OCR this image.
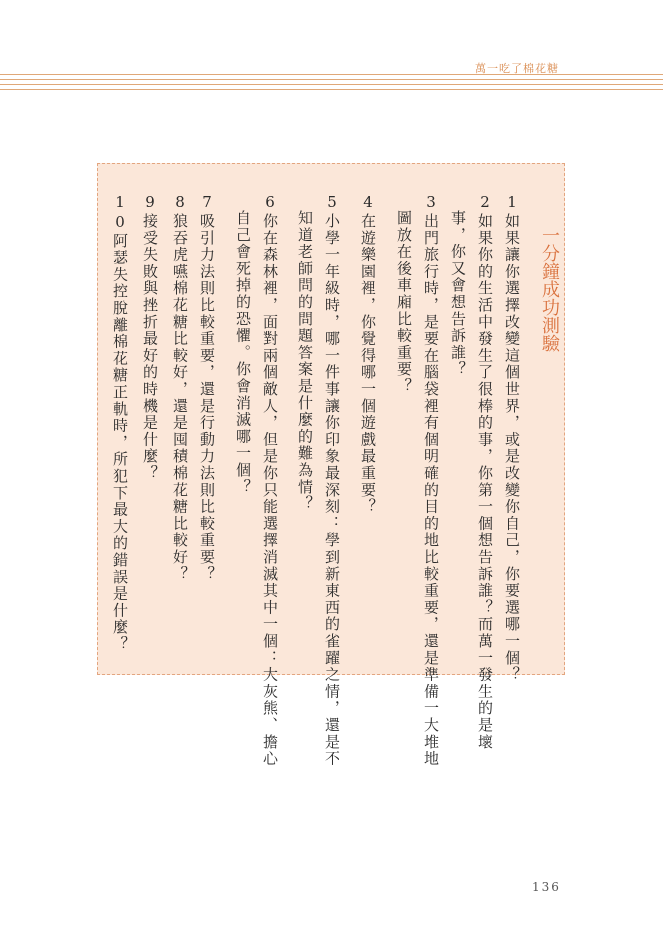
萬一吃了棉花糖
一分鐘成功測驗
1如果讓你選擇改變這個世界，或是改變你自己，你要選哪一個？
2如果你的生活中發生了很棒的事，你第一個想告訴誰？而萬一發生的是壞
　事，你又會想告訴誰？
3出門旅行時，是要在腦袋裡有個明確的目的地比較重要，還是準備一大堆地
　圖放在後車廂比較重要？
4在遊樂園裡，你覺得哪一個遊戲最重要？
5小學一年級時，哪一件事讓你印象最深刻：學到新東西的雀躍之情，還是不
　知道老師問的問題答案是什麼的難為情？
6你在森林裡，面對兩個敵人，但是你只能選擇消滅其中一個：大灰熊、擔心
　自己會死掉的恐懼。你會消滅哪一個？
7吸引力法則比較重要，還是行動力法則比較重要？
8狼吞虎嚥棉花糖比較好，還是囤積棉花糖比較好？
9接受失敗與挫折最好的時機是什麼？
10阿瑟失控脫離棉花糖正軌時，所犯下最大的錯誤是什麼？
136
